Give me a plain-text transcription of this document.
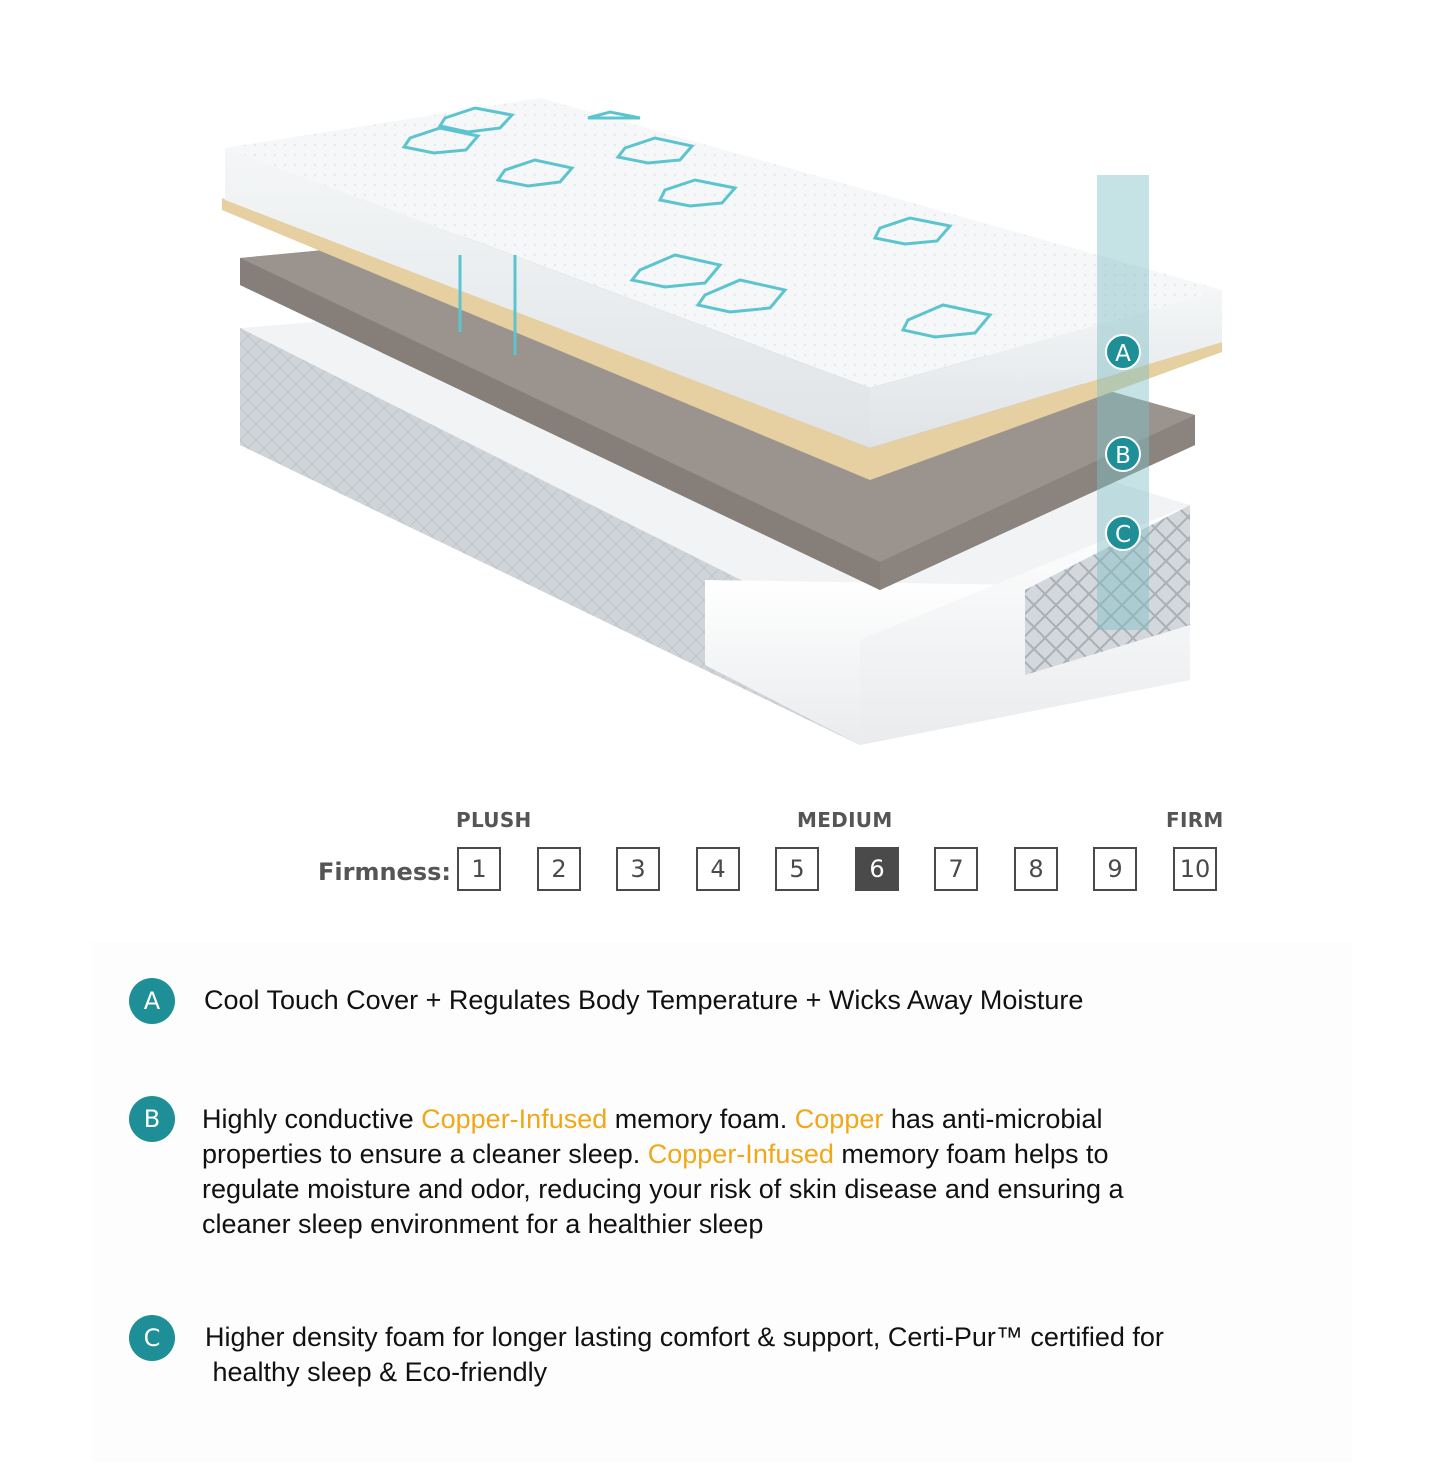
A
B
C
PLUSH	MEDIUM	FIRM
Firmness: 1	2	3	4	5	6	7	8	9	10
A	Cool Touch Cover + Regulates Body Temperature + Wicks Away Moisture
B	Highly conductive Copper-Infused memory foam. Copper has anti-microbial
properties to ensure a cleaner sleep. Copper-Infused memory foam helps to
regulate moisture and odor, reducing your risk of skin disease and ensuring a
cleaner sleep environment for a healthier sleep
C	Higher density foam for longer lasting comfort & support, Certi-Pur™ certified for
healthy sleep & Eco-friendly
